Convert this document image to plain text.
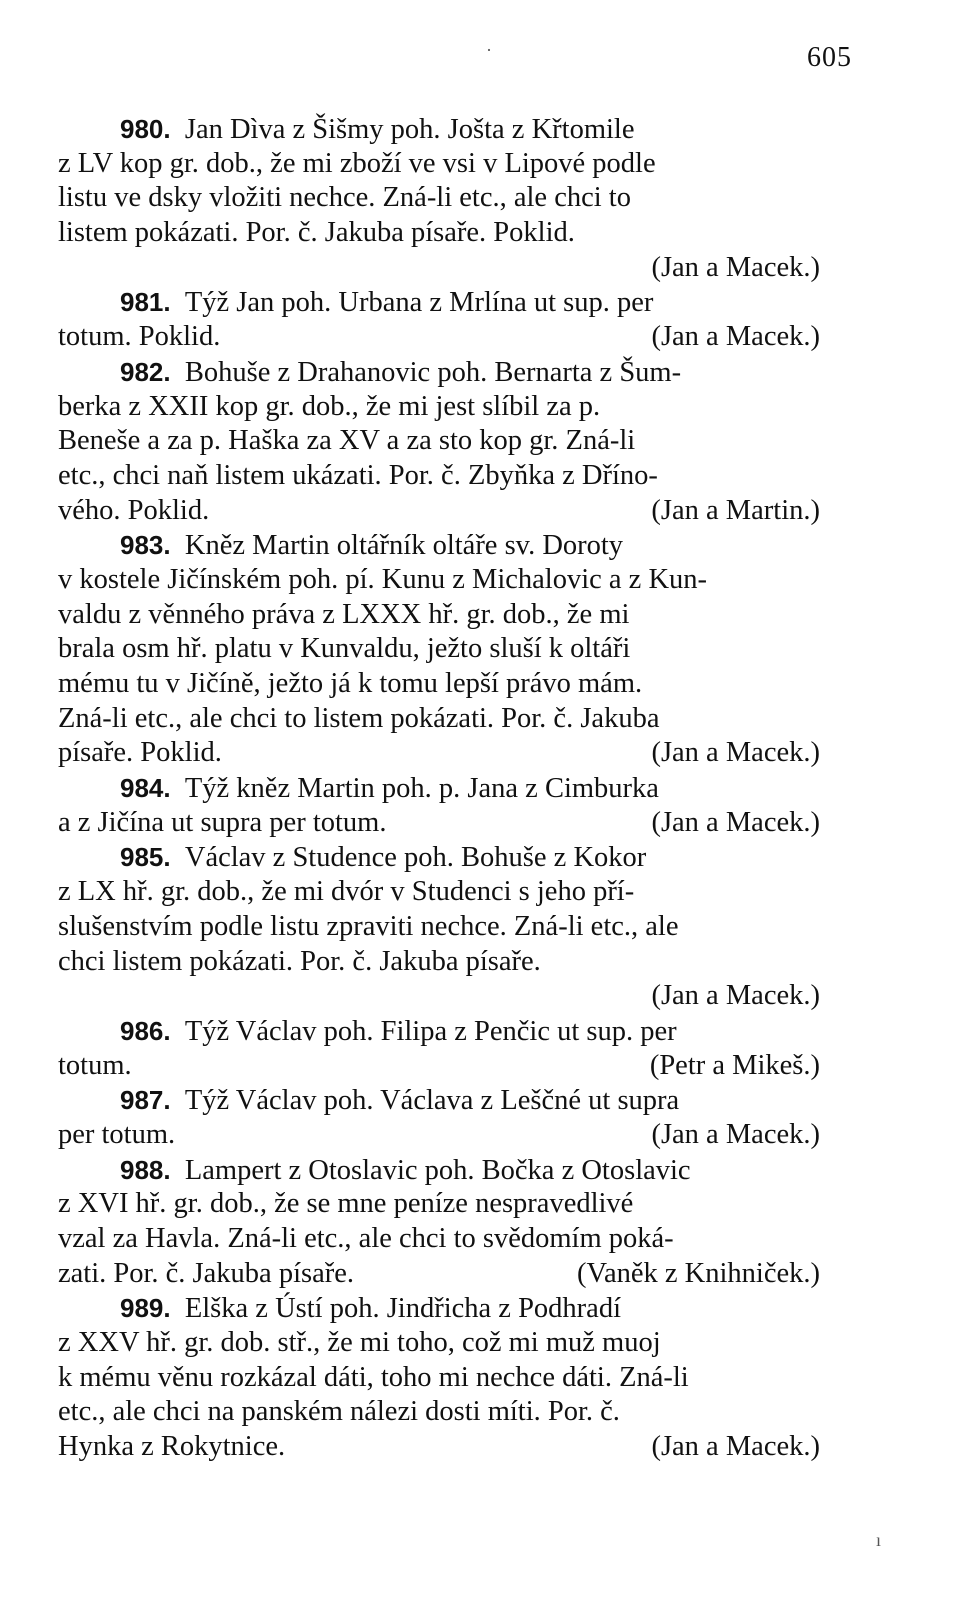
605
980. Jan Dìva z Šišmy poh. Jošta z Křtomile
z LV kop gr. dob., že mi zboží ve vsi v Lipové podle
listu ve dsky vložiti nechce. Zná-li etc., ale chci to
listem pokázati. Por. č. Jakuba písaře. Poklid.
(Jan a Macek.)
981. Týž Jan poh. Urbana z Mrlína ut sup. per
totum. Poklid.	(Jan a Macek.)
982. Bohuše z Drahanovic poh. Bernarta z Šum-
berka z XXII kop gr. dob., že mi jest slíbil za p.
Beneše a za p. Haška za XV a za sto kop gr. Zná-li
etc., chci naň listem ukázati. Por. č. Zbyňka z Dříno-
vého. Poklid.	(Jan a Martin.)
983. Kněz Martin oltářník oltáře sv. Doroty
v kostele Jičínském poh. pí. Kunu z Michalovic a z Kun-
valdu z věnného práva z LXXX hř. gr. dob., že mi
brala osm hř. platu v Kunvaldu, ježto sluší k oltáři
mému tu v Jičíně, ježto já k tomu lepší právo mám.
Zná-li etc., ale chci to listem pokázati. Por. č. Jakuba
písaře. Poklid.	(Jan a Macek.)
984. Týž kněz Martin poh. p. Jana z Cimburka
a z Jičína ut supra per totum.	(Jan a Macek.)
985. Václav z Studence poh. Bohuše z Kokor
z LX hř. gr. dob., že mi dvór v Studenci s jeho pří-
slušenstvím podle listu zpraviti nechce. Zná-li etc., ale
chci listem pokázati. Por. č. Jakuba písaře.
(Jan a Macek.)
986. Týž Václav poh. Filipa z Penčic ut sup. per
totum.	(Petr a Mikeš.)
987. Týž Václav poh. Václava z Leščné ut supra
per totum.	(Jan a Macek.)
988. Lampert z Otoslavic poh. Bočka z Otoslavic
z XVI hř. gr. dob., že se mne peníze nespravedlivé
vzal za Havla. Zná-li etc., ale chci to svědomím poká-
zati. Por. č. Jakuba písaře.	(Vaněk z Knihniček.)
989. Elška z Ústí poh. Jindřicha z Podhradí
z XXV hř. gr. dob. stř., že mi toho, což mi muž muoj
k mému věnu rozkázal dáti, toho mi nechce dáti. Zná-li
etc., ale chci na panském nálezi dosti míti. Por. č.
Hynka z Rokytnice.	(Jan a Macek.)
·
ı
